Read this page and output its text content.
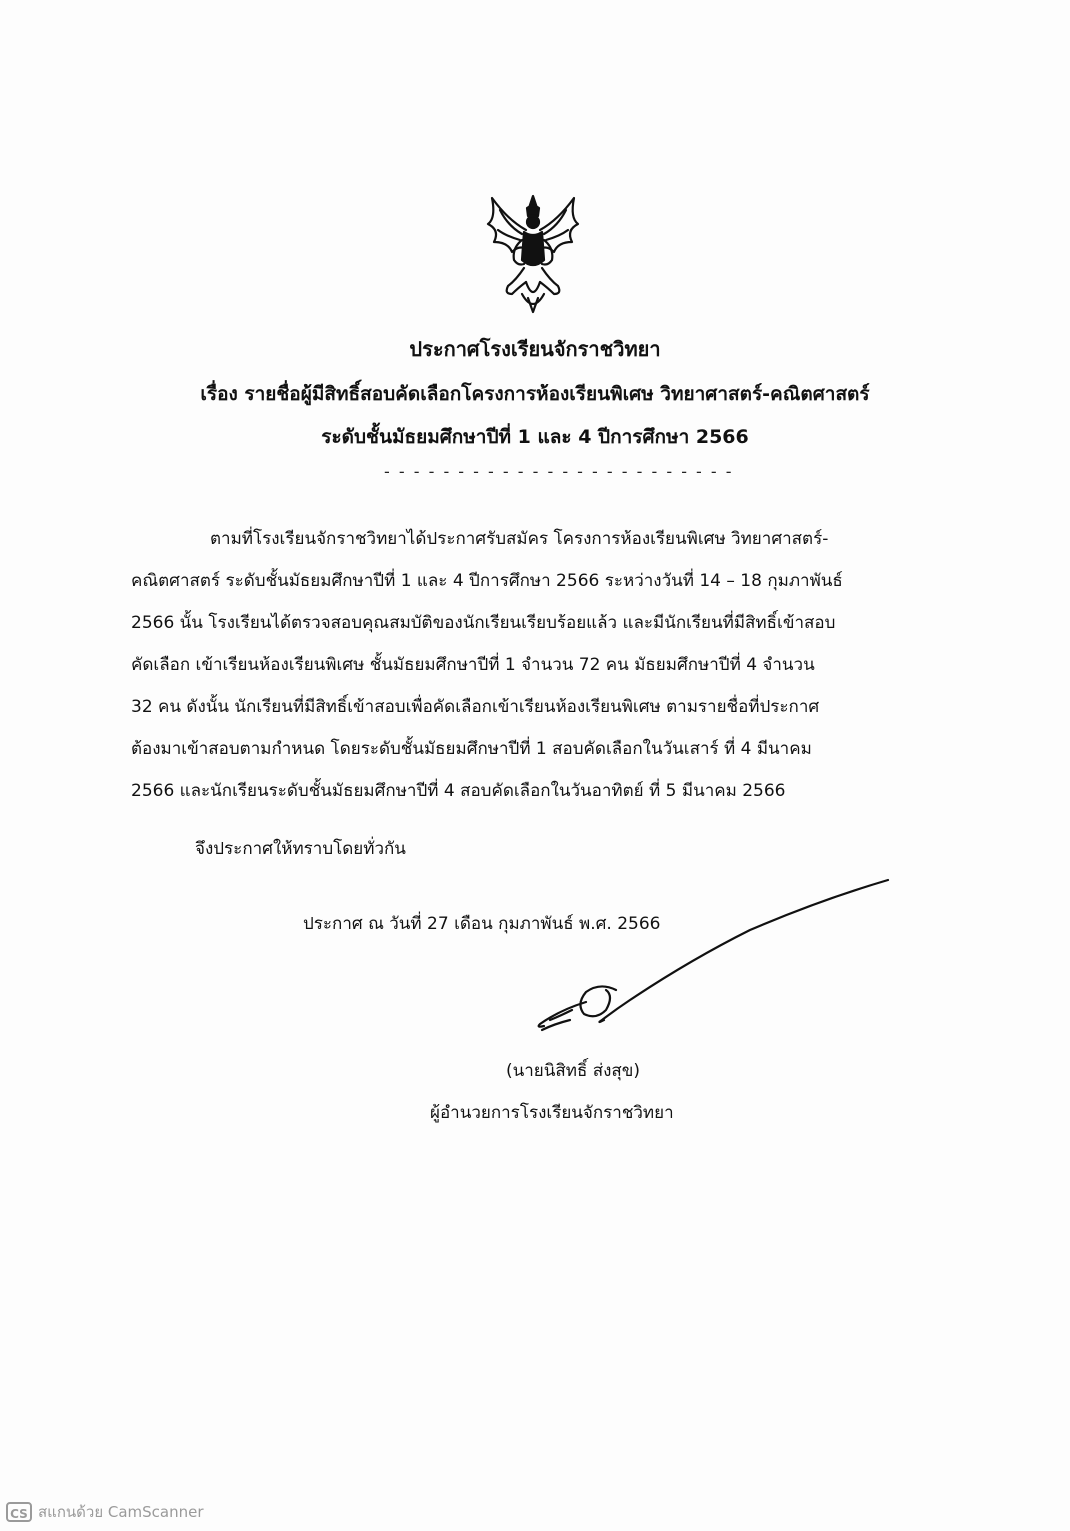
ประกาศโรงเรียนจักราชวิทยา
เรื่อง รายชื่อผู้มีสิทธิ์สอบคัดเลือกโครงการห้องเรียนพิเศษ วิทยาศาสตร์-คณิตศาสตร์
ระดับชั้นมัธยมศึกษาปีที่ 1 และ 4 ปีการศึกษา 2566
- - - - - - - - - - - - - - - - - - - - - - - -
ตามที่โรงเรียนจักราชวิทยาได้ประกาศรับสมัคร โครงการห้องเรียนพิเศษ วิทยาศาสตร์-
คณิตศาสตร์ ระดับชั้นมัธยมศึกษาปีที่ 1 และ 4 ปีการศึกษา 2566 ระหว่างวันที่ 14 – 18 กุมภาพันธ์
2566 นั้น โรงเรียนได้ตรวจสอบคุณสมบัติของนักเรียนเรียบร้อยแล้ว และมีนักเรียนที่มีสิทธิ์เข้าสอบ
คัดเลือก เข้าเรียนห้องเรียนพิเศษ ชั้นมัธยมศึกษาปีที่ 1 จำนวน 72 คน มัธยมศึกษาปีที่ 4 จำนวน
32 คน ดังนั้น นักเรียนที่มีสิทธิ์เข้าสอบเพื่อคัดเลือกเข้าเรียนห้องเรียนพิเศษ ตามรายชื่อที่ประกาศ
ต้องมาเข้าสอบตามกำหนด โดยระดับชั้นมัธยมศึกษาปีที่ 1 สอบคัดเลือกในวันเสาร์ ที่ 4 มีนาคม
2566 และนักเรียนระดับชั้นมัธยมศึกษาปีที่ 4 สอบคัดเลือกในวันอาทิตย์ ที่ 5 มีนาคม 2566
จึงประกาศให้ทราบโดยทั่วกัน
ประกาศ ณ วันที่ 27 เดือน กุมภาพันธ์ พ.ศ. 2566
(นายนิสิทธิ์ ส่งสุข)
ผู้อำนวยการโรงเรียนจักราชวิทยา
CS สแกนด้วย CamScanner
